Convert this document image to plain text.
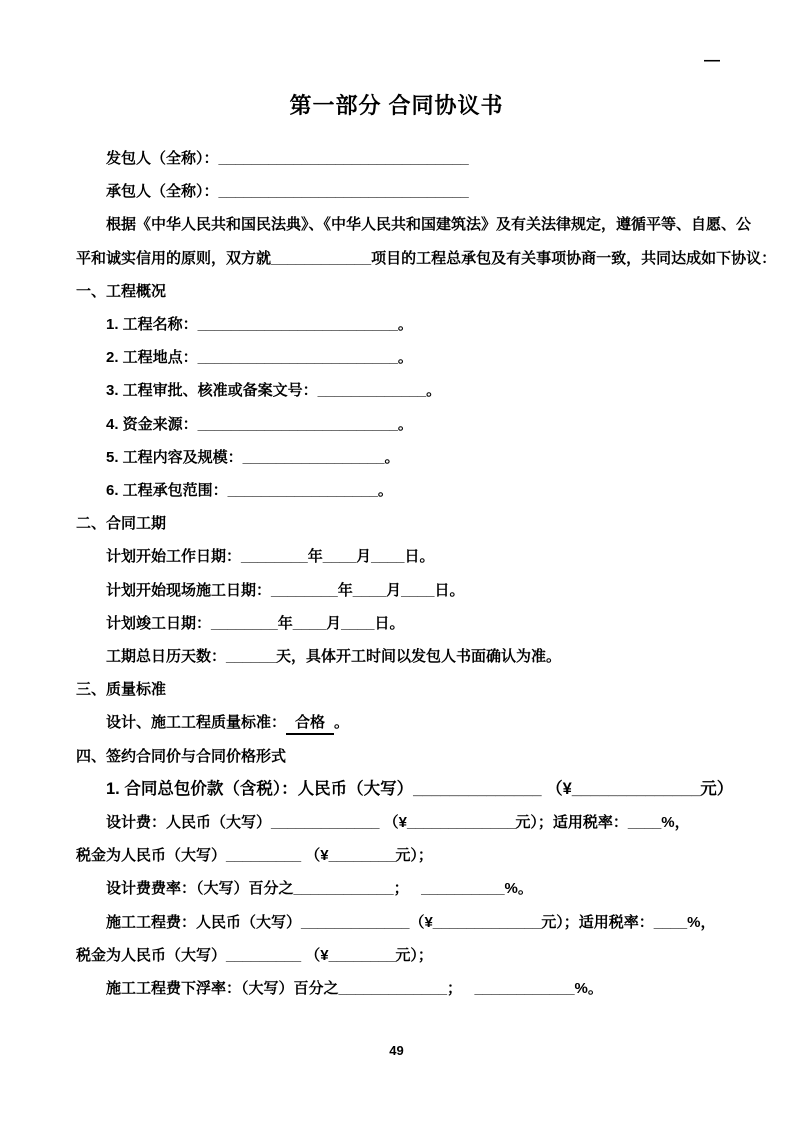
—
第一部分 合同协议书
发包人（全称）：______________________________
承包人（全称）：______________________________
根据《中华人民共和国民法典》、《中华人民共和国建筑法》及有关法律规定，遵循平等、自愿、公
平和诚实信用的原则，双方就____________项目的工程总承包及有关事项协商一致，共同达成如下协议：
一、工程概况
1. 工程名称：________________________。
2. 工程地点：________________________。
3. 工程审批、核准或备案文号：_____________。
4. 资金来源：________________________。
5. 工程内容及规模：_________________。
6. 工程承包范围：__________________。
二、合同工期
计划开始工作日期：________年____月____日。
计划开始现场施工日期：________年____月____日。
计划竣工日期：________年____月____日。
工期总日历天数：______天，具体开工时间以发包人书面确认为准。
三、质量标准
设计、施工工程质量标准： 合格 。
四、签约合同价与合同价格形式
1. 合同总包价款（含税）：人民币（大写）______________ （¥______________元）
设计费：人民币（大写）_____________ （¥_____________元）；适用税率：____%，
税金为人民币（大写）_________ （¥________元）；
设计费费率：（大写）百分之____________；   __________%。
施工工程费：人民币（大写）_____________（¥_____________元）；适用税率：____%，
税金为人民币（大写）_________ （¥________元）；
施工工程费下浮率：（大写）百分之_____________；   ____________%。
49
